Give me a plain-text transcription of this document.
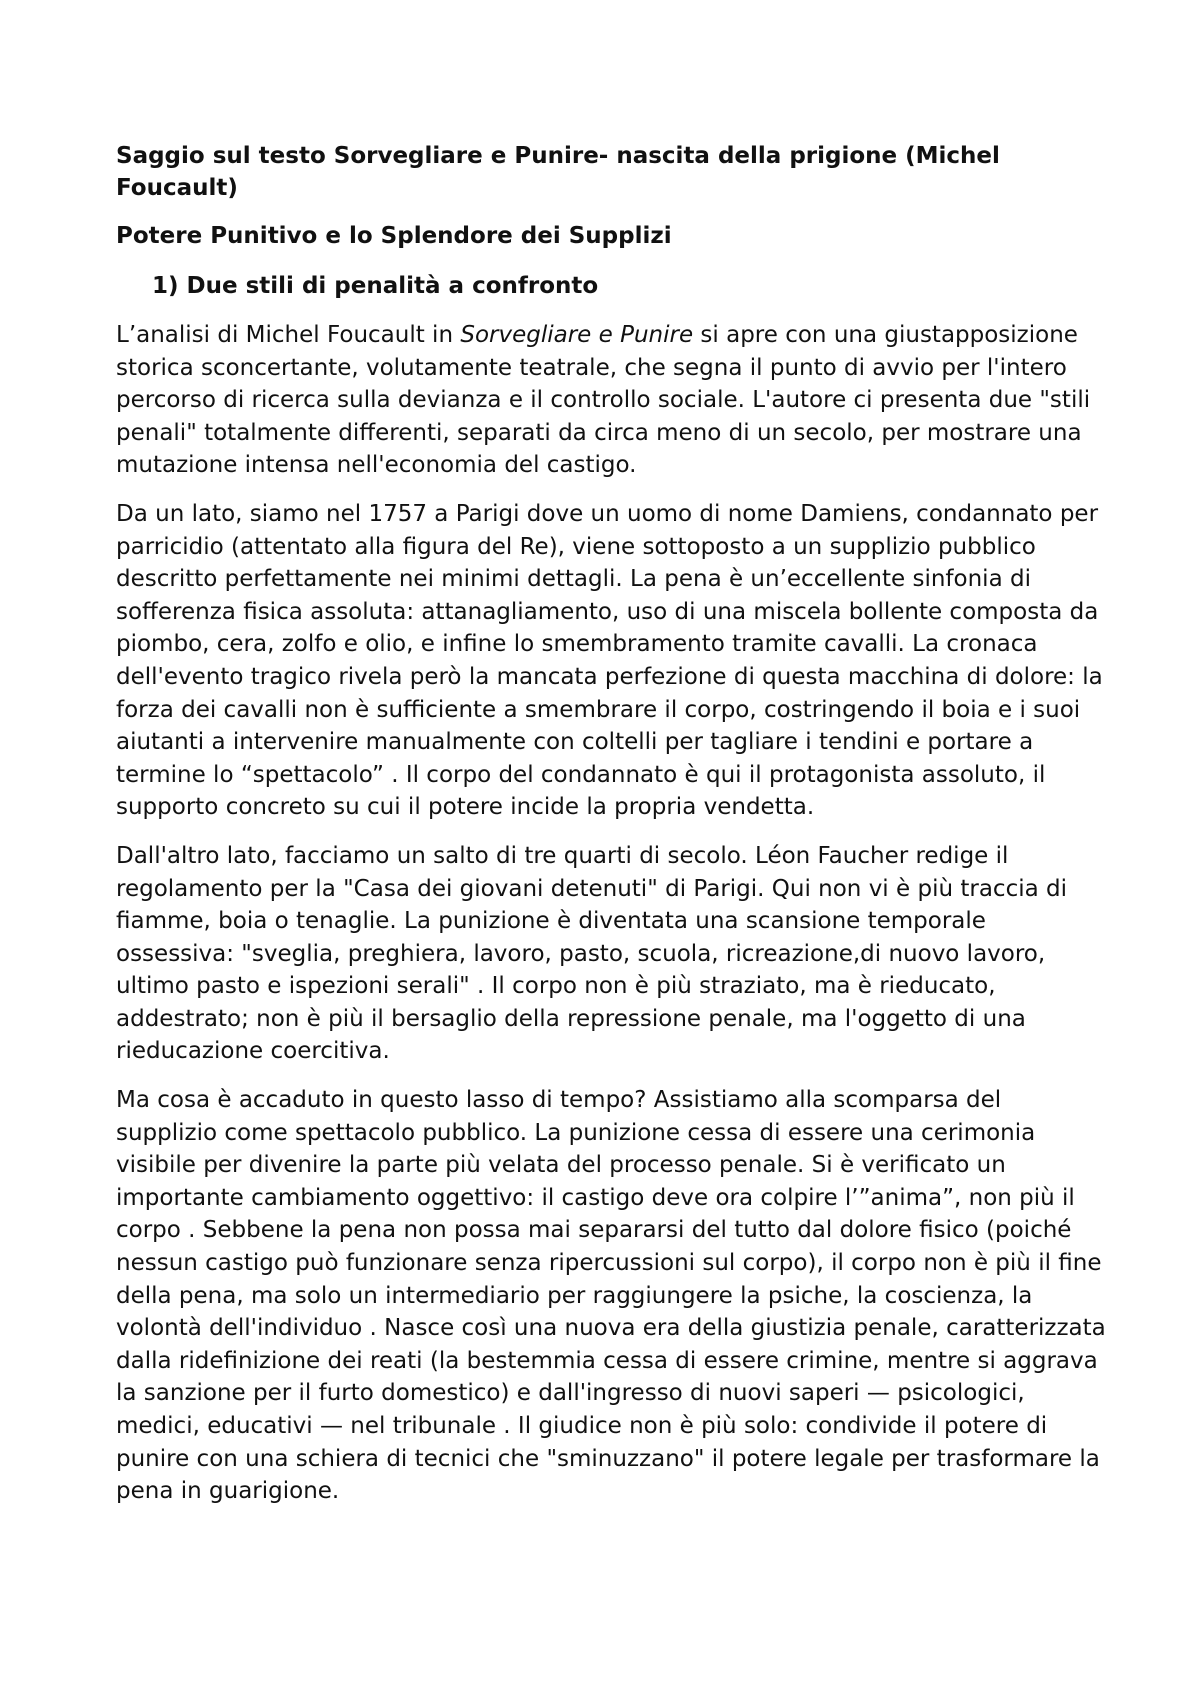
Saggio sul testo Sorvegliare e Punire- nascita della prigione (Michel Foucault)
Potere Punitivo e lo Splendore dei Supplizi
1) Due stili di penalità a confronto

L’analisi di Michel Foucault in Sorvegliare e Punire si apre con una giustapposizione storica sconcertante, volutamente teatrale, che segna il punto di avvio per l'intero percorso di ricerca sulla devianza e il controllo sociale. L'autore ci presenta due "stili penali" totalmente differenti, separati da circa meno di un secolo, per mostrare una mutazione intensa nell'economia del castigo.

Da un lato, siamo nel 1757 a Parigi dove un uomo di nome Damiens, condannato per parricidio (attentato alla figura del Re), viene sottoposto a un supplizio pubblico descritto perfettamente nei minimi dettagli. La pena è un’eccellente sinfonia di sofferenza fisica assoluta: attanagliamento, uso di una miscela bollente composta da piombo, cera, zolfo e olio, e infine lo smembramento tramite cavalli. La cronaca dell'evento tragico rivela però la mancata perfezione di questa macchina di dolore: la forza dei cavalli non è sufficiente a smembrare il corpo, costringendo il boia e i suoi aiutanti a intervenire manualmente con coltelli per tagliare i tendini e portare a termine lo “spettacolo” . Il corpo del condannato è qui il protagonista assoluto, il supporto concreto su cui il potere incide la propria vendetta.

Dall'altro lato, facciamo un salto di tre quarti di secolo. Léon Faucher redige il regolamento per la "Casa dei giovani detenuti" di Parigi. Qui non vi è più traccia di fiamme, boia o tenaglie. La punizione è diventata una scansione temporale ossessiva: "sveglia, preghiera, lavoro, pasto, scuola, ricreazione,di nuovo lavoro, ultimo pasto e ispezioni serali" . Il corpo non è più straziato, ma è rieducato, addestrato; non è più il bersaglio della repressione penale, ma l'oggetto di una rieducazione coercitiva.

Ma cosa è accaduto in questo lasso di tempo? Assistiamo alla scomparsa del supplizio come spettacolo pubblico. La punizione cessa di essere una cerimonia visibile per divenire la parte più velata del processo penale. Si è verificato un importante cambiamento oggettivo: il castigo deve ora colpire l’”anima”, non più il corpo . Sebbene la pena non possa mai separarsi del tutto dal dolore fisico (poiché nessun castigo può funzionare senza ripercussioni sul corpo), il corpo non è più il fine della pena, ma solo un intermediario per raggiungere la psiche, la coscienza, la volontà dell'individuo . Nasce così una nuova era della giustizia penale, caratterizzata dalla ridefinizione dei reati (la bestemmia cessa di essere crimine, mentre si aggrava la sanzione per il furto domestico) e dall'ingresso di nuovi saperi — psicologici, medici, educativi — nel tribunale . Il giudice non è più solo: condivide il potere di punire con una schiera di tecnici che "sminuzzano" il potere legale per trasformare la pena in guarigione.
